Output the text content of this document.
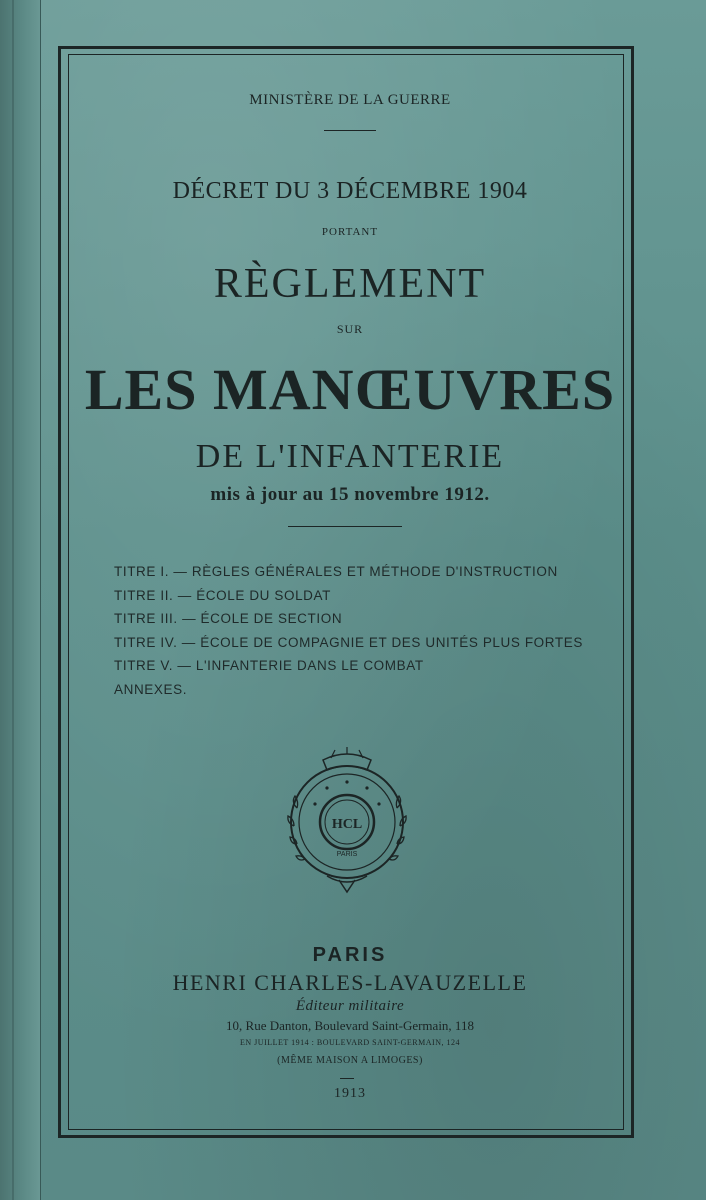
MINISTÈRE DE LA GUERRE
DÉCRET DU 3 DÉCEMBRE 1904
PORTANT
RÈGLEMENT
SUR
LES MANŒUVRES
DE L'INFANTERIE
mis à jour au 15 novembre 1912.
TITRE I. — RÈGLES GÉNÉRALES ET MÉTHODE D'INSTRUCTION
TITRE II. — ÉCOLE DU SOLDAT
TITRE III. — ÉCOLE DE SECTION
TITRE IV. — ÉCOLE DE COMPAGNIE ET DES UNITÉS PLUS FORTES
TITRE V. — L'INFANTERIE DANS LE COMBAT
ANNEXES.
HCL
PARIS
PARIS
HENRI CHARLES-LAVAUZELLE
Éditeur militaire
10, Rue Danton, Boulevard Saint-Germain, 118
EN JUILLET 1914 : BOULEVARD SAINT-GERMAIN, 124
(MÊME MAISON A LIMOGES)
1913
